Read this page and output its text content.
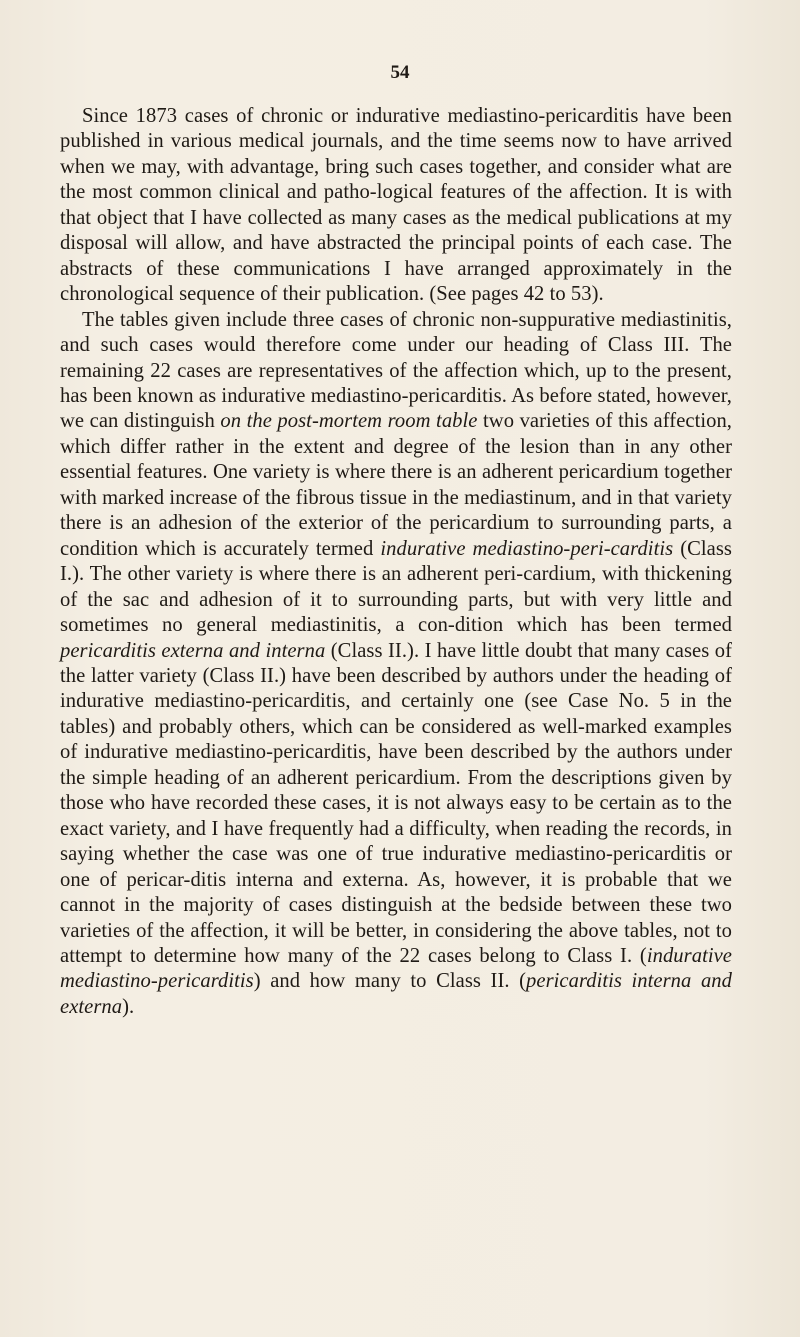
54

Since 1873 cases of chronic or indurative mediastino-pericarditis have been published in various medical journals, and the time seems now to have arrived when we may, with advantage, bring such cases together, and consider what are the most common clinical and patho-logical features of the affection. It is with that object that I have collected as many cases as the medical publications at my disposal will allow, and have abstracted the principal points of each case. The abstracts of these communications I have arranged approximately in the chronological sequence of their publication. (See pages 42 to 53).

The tables given include three cases of chronic non-suppurative mediastinitis, and such cases would therefore come under our heading of Class III. The remaining 22 cases are representatives of the affection which, up to the present, has been known as indurative mediastino-pericarditis. As before stated, however, we can distinguish on the post-mortem room table two varieties of this affection, which differ rather in the extent and degree of the lesion than in any other essential features. One variety is where there is an adherent pericardium together with marked increase of the fibrous tissue in the mediastinum, and in that variety there is an adhesion of the exterior of the pericardium to surrounding parts, a condition which is accurately termed indurative mediastino-peri-carditis (Class I.). The other variety is where there is an adherent peri-cardium, with thickening of the sac and adhesion of it to surrounding parts, but with very little and sometimes no general mediastinitis, a con-dition which has been termed pericarditis externa and interna (Class II.). I have little doubt that many cases of the latter variety (Class II.) have been described by authors under the heading of indurative mediastino-pericarditis, and certainly one (see Case No. 5 in the tables) and probably others, which can be considered as well-marked examples of indurative mediastino-pericarditis, have been described by the authors under the simple heading of an adherent pericardium. From the descriptions given by those who have recorded these cases, it is not always easy to be certain as to the exact variety, and I have frequently had a difficulty, when reading the records, in saying whether the case was one of true indurative mediastino-pericarditis or one of pericar-ditis interna and externa. As, however, it is probable that we cannot in the majority of cases distinguish at the bedside between these two varieties of the affection, it will be better, in considering the above tables, not to attempt to determine how many of the 22 cases belong to Class I. (indurative mediastino-pericarditis) and how many to Class II. (pericarditis interna and externa).
